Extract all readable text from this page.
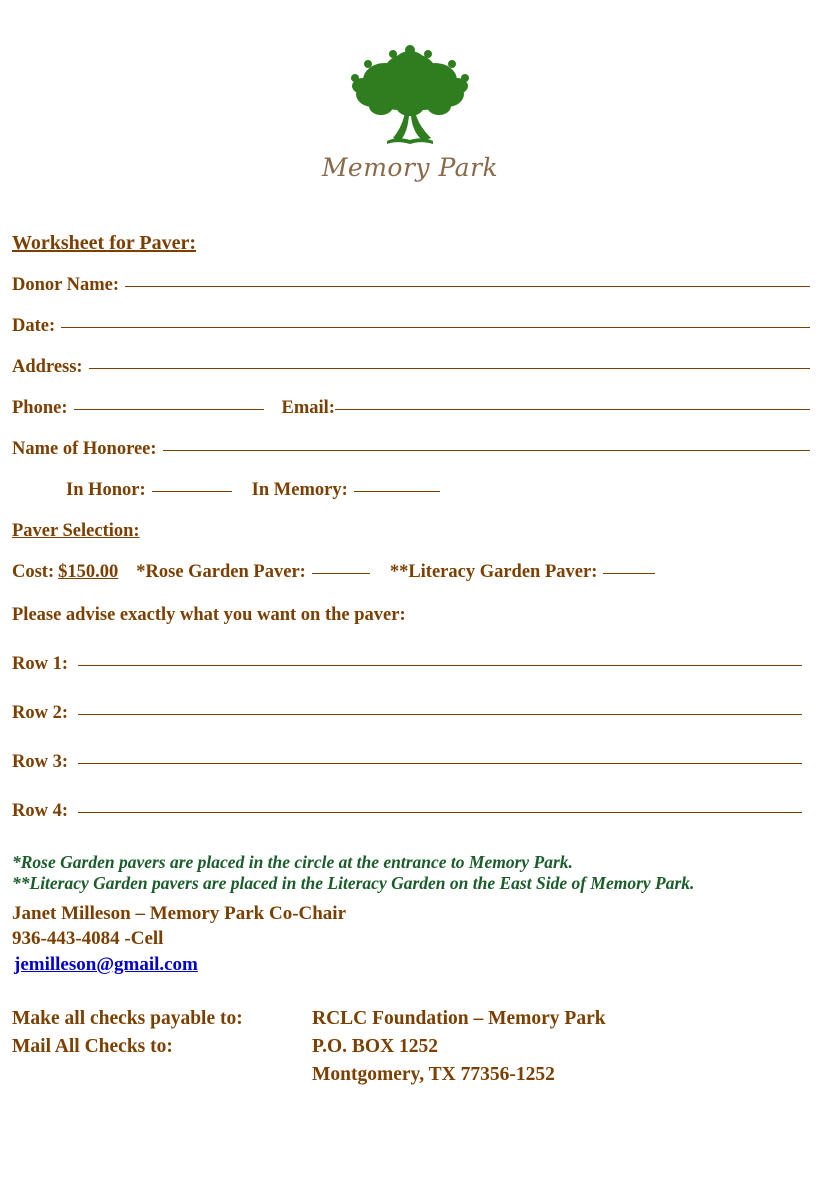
Memory Park
Worksheet for Paver:
Donor Name:
Date:
Address:
Phone:	Email:
Name of Honoree:
In Honor:	In Memory:
Paver Selection:
Cost: $150.00 *Rose Garden Paver:	**Literacy Garden Paver:
Please advise exactly what you want on the paver:
Row 1:
Row 2:
Row 3:
Row 4:
*Rose Garden pavers are placed in the circle at the entrance to Memory Park.
**Literacy Garden pavers are placed in the Literacy Garden on the East Side of Memory Park.
Janet Milleson – Memory Park Co-Chair
936-443-4084 -Cell
jemilleson@gmail.com
Make all checks payable to:	RCLC Foundation – Memory Park
Mail All Checks to:	P.O. BOX 1252
	Montgomery, TX 77356-1252
